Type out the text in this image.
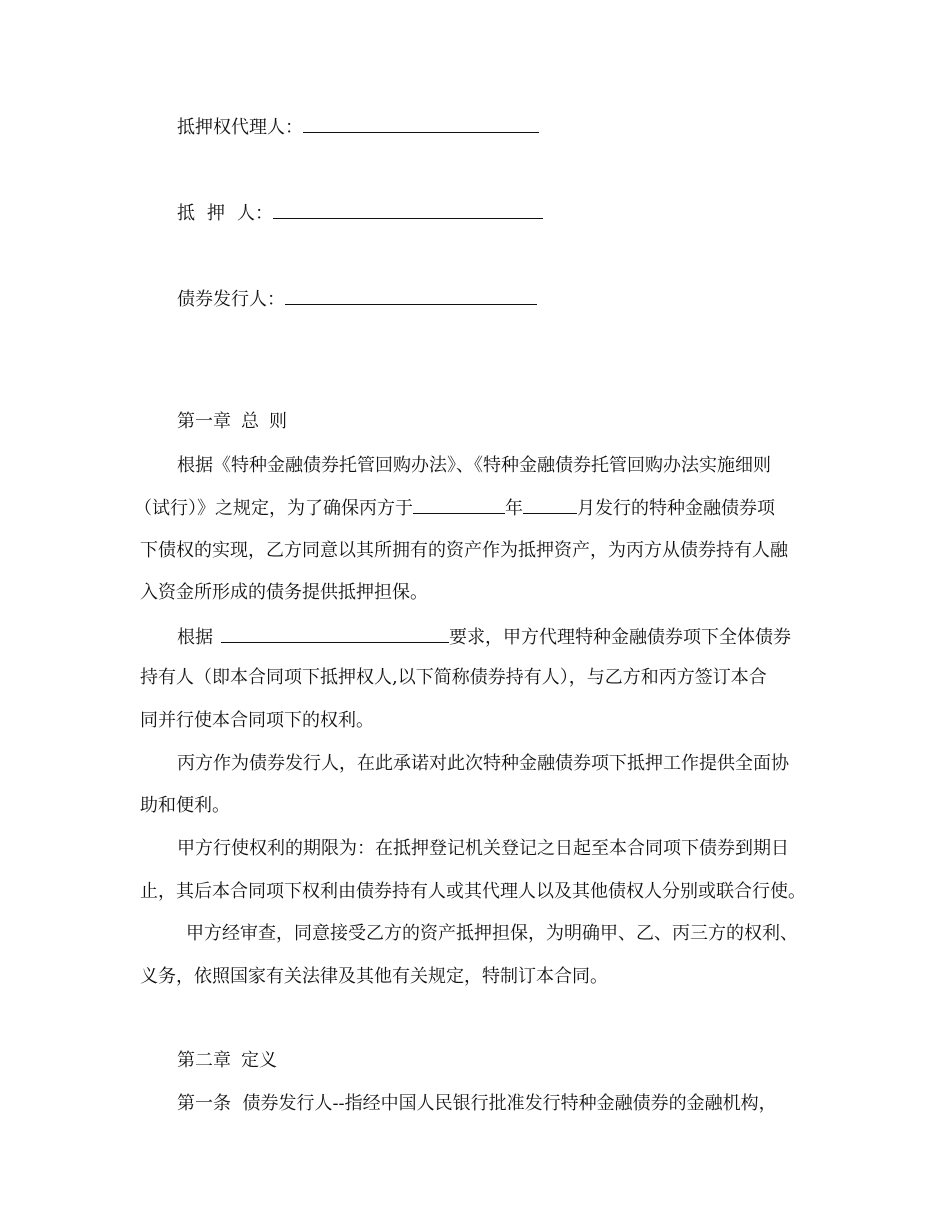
抵押权代理人：
抵 押 人：
债券发行人：
第一章 总 则
根据《特种金融债券托管回购办法》、《特种金融债券托管回购办法实施细则
（试行）》之规定，为了确保丙方于	年	月发行的特种金融债券项
下债权的实现，乙方同意以其所拥有的资产作为抵押资产，为丙方从债券持有人融
入资金所形成的债务提供抵押担保。
根据	要求，甲方代理特种金融债券项下全体债券
持有人（即本合同项下抵押权人,以下简称债券持有人），与乙方和丙方签订本合
同并行使本合同项下的权利。
丙方作为债券发行人，在此承诺对此次特种金融债券项下抵押工作提供全面协
助和便利。
甲方行使权利的期限为：在抵押登记机关登记之日起至本合同项下债券到期日
止，其后本合同项下权利由债券持有人或其代理人以及其他债权人分别或联合行使。
甲方经审查，同意接受乙方的资产抵押担保，为明确甲、乙、丙三方的权利、
义务，依照国家有关法律及其他有关规定，特制订本合同。
第二章 定义
第一条  债券发行人--指经中国人民银行批准发行特种金融债券的金融机构，
